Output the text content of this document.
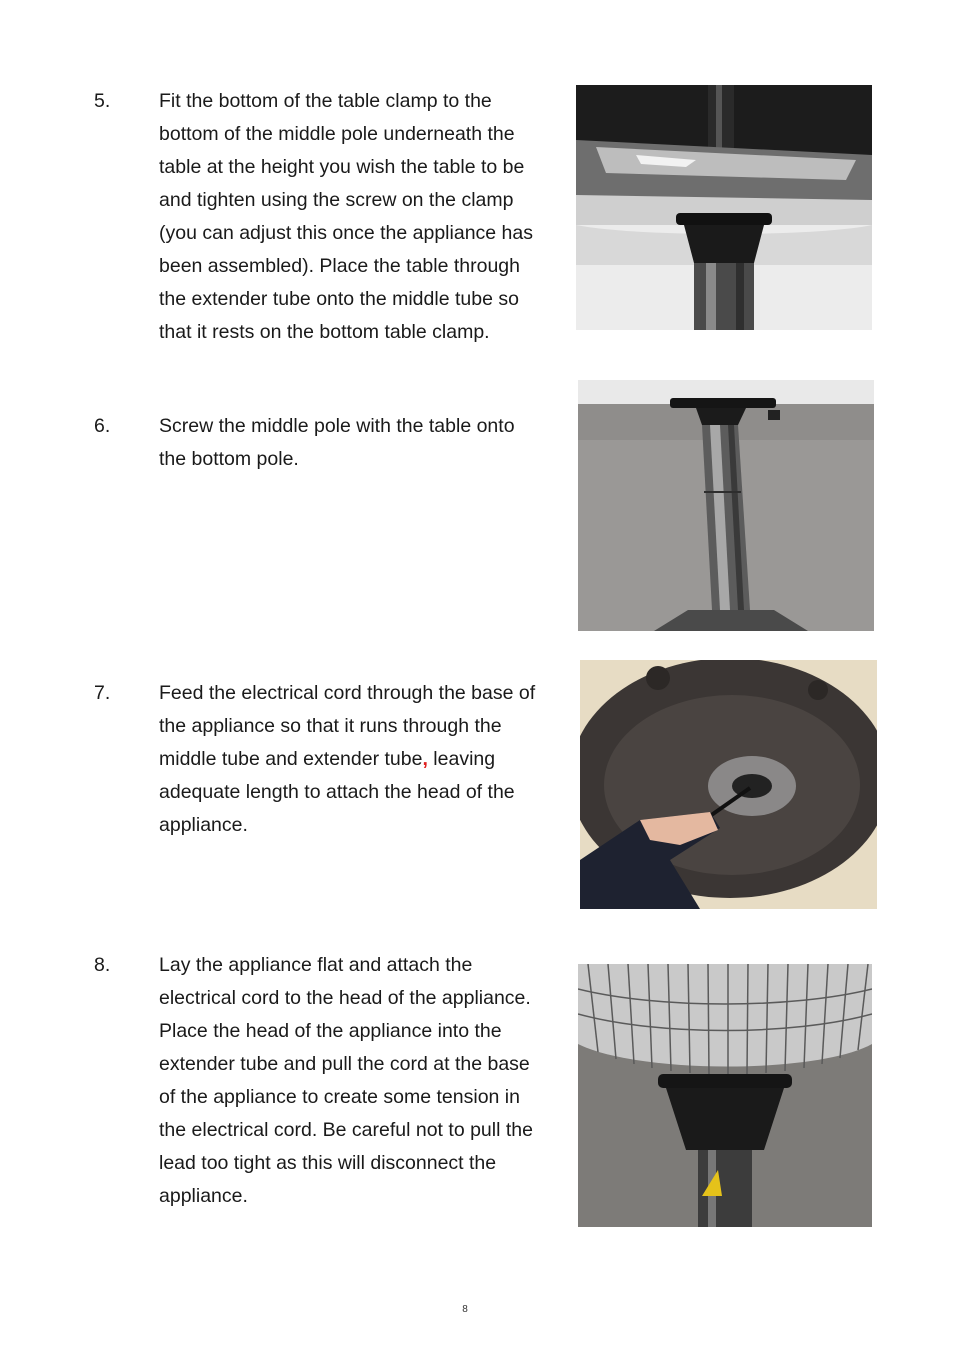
5. Fit the bottom of the table clamp to the
bottom of the middle pole underneath the
table at the height you wish the table to be
and tighten using the screw on the clamp
(you can adjust this once the appliance has
been assembled). Place the table through
the extender tube onto the middle tube so
that it rests on the bottom table clamp.
6. Screw the middle pole with the table onto
the bottom pole.
7. Feed the electrical cord through the base of
the appliance so that it runs through the
middle tube and extender tube, leaving
adequate length to attach the head of the
appliance.
8. Lay the appliance flat and attach the
electrical cord to the head of the appliance.
Place the head of the appliance into the
extender tube and pull the cord at the base
of the appliance to create some tension in
the electrical cord. Be careful not to pull the
lead too tight as this will disconnect the
appliance.
8
